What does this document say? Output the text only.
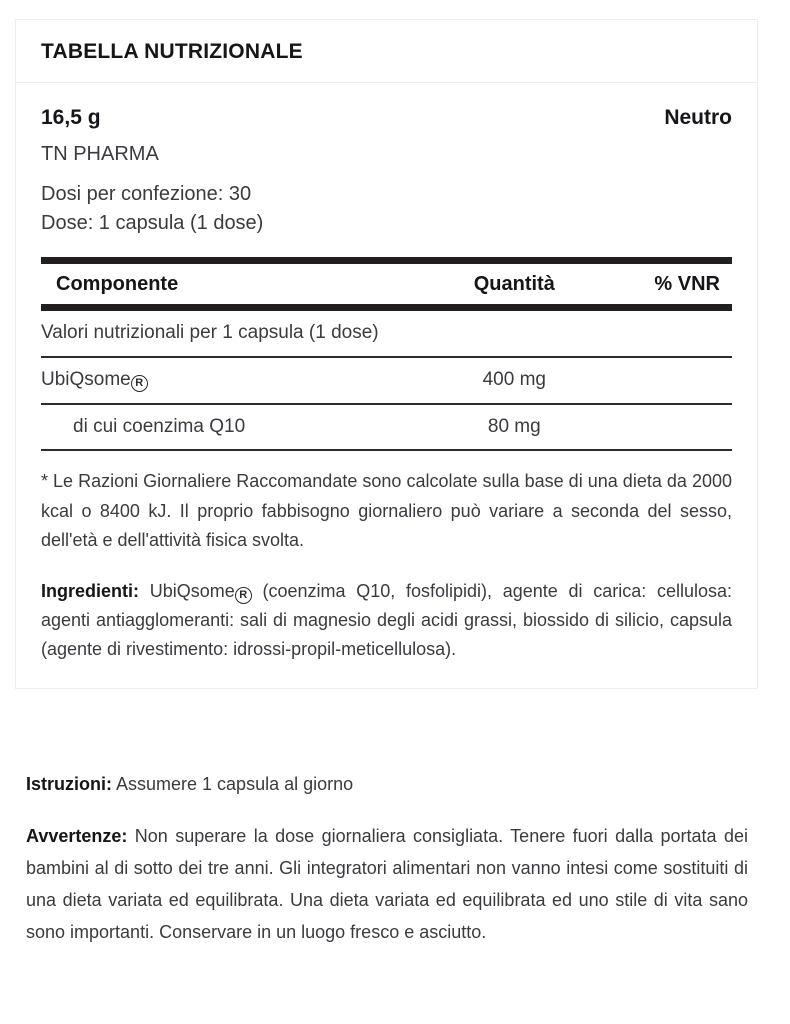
TABELLA NUTRIZIONALE
16,5 g	Neutro
TN PHARMA
Dosi per confezione: 30
Dose: 1 capsula (1 dose)
Componente	Quantità	% VNR
Valori nutrizionali per 1 capsula (1 dose)		
UbiQsome R	400 mg	
di cui coenzima Q10	80 mg	

* Le Razioni Giornaliere Raccomandate sono calcolate sulla base di una dieta da 2000 kcal o 8400 kJ. Il proprio fabbisogno giornaliero può variare a seconda del sesso, dell'età e dell'attività fisica svolta.

Ingredienti: UbiQsome R (coenzima Q10, fosfolipidi), agente di carica: cellulosa: agenti antiagglomeranti: sali di magnesio degli acidi grassi, biossido di silicio, capsula (agente di rivestimento: idrossi-propil-meticellulosa).

Istruzioni: Assumere 1 capsula al giorno

Avvertenze: Non superare la dose giornaliera consigliata. Tenere fuori dalla portata dei bambini al di sotto dei tre anni. Gli integratori alimentari non vanno intesi come sostituiti di una dieta variata ed equilibrata. Una dieta variata ed equilibrata ed uno stile di vita sano sono importanti. Conservare in un luogo fresco e asciutto.
